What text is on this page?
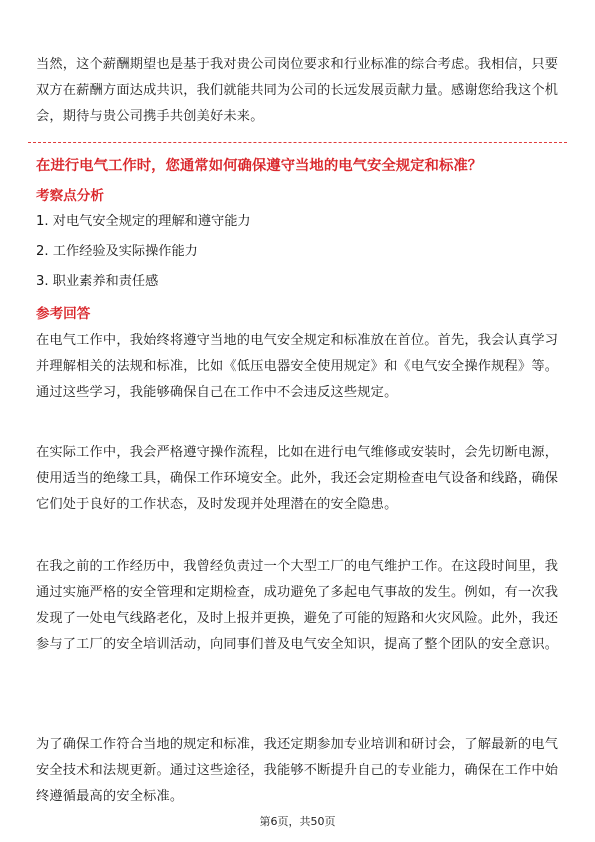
当然，这个薪酬期望也是基于我对贵公司岗位要求和行业标准的综合考虑。我相信，只要双方在薪酬方面达成共识，我们就能共同为公司的长远发展贡献力量。感谢您给我这个机会，期待与贵公司携手共创美好未来。

在进行电气工作时，您通常如何确保遵守当地的电气安全规定和标准？

考察点分析

1. 对电气安全规定的理解和遵守能力

2. 工作经验及实际操作能力

3. 职业素养和责任感

参考回答

在电气工作中，我始终将遵守当地的电气安全规定和标准放在首位。首先，我会认真学习并理解相关的法规和标准，比如《低压电器安全使用规定》和《电气安全操作规程》等。通过这些学习，我能够确保自己在工作中不会违反这些规定。

在实际工作中，我会严格遵守操作流程，比如在进行电气维修或安装时，会先切断电源，使用适当的绝缘工具，确保工作环境安全。此外，我还会定期检查电气设备和线路，确保它们处于良好的工作状态，及时发现并处理潜在的安全隐患。

在我之前的工作经历中，我曾经负责过一个大型工厂的电气维护工作。在这段时间里，我通过实施严格的安全管理和定期检查，成功避免了多起电气事故的发生。例如，有一次我发现了一处电气线路老化，及时上报并更换，避免了可能的短路和火灾风险。此外，我还参与了工厂的安全培训活动，向同事们普及电气安全知识，提高了整个团队的安全意识。

为了确保工作符合当地的规定和标准，我还定期参加专业培训和研讨会，了解最新的电气安全技术和法规更新。通过这些途径，我能够不断提升自己的专业能力，确保在工作中始终遵循最高的安全标准。

第6页，共50页
